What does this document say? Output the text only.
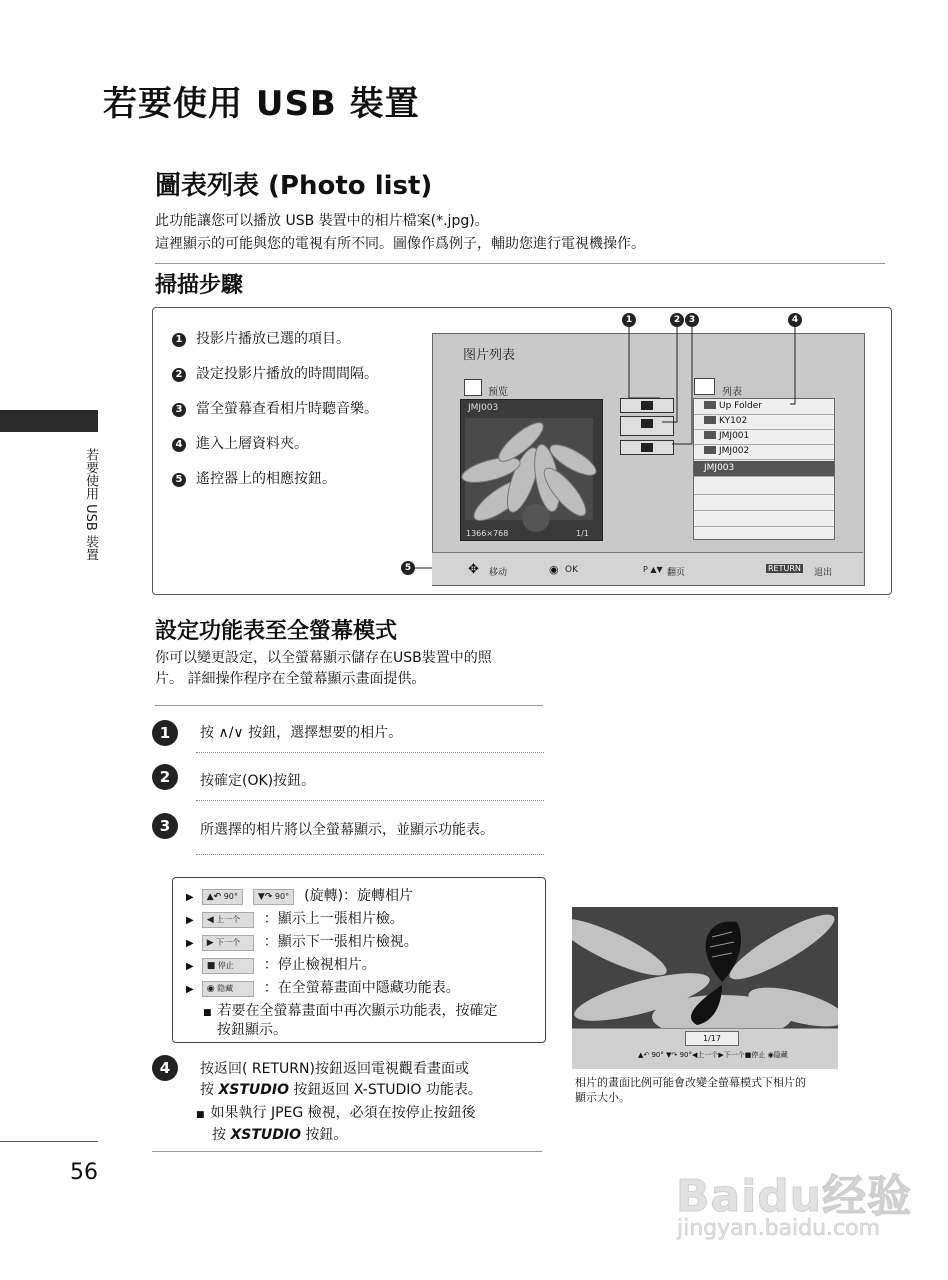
若要使用 USB 裝置
若要使用 USB 裝置
圖表列表 (Photo list)
此功能讓您可以播放 USB 裝置中的相片檔案(*.jpg)。
這裡顯示的可能與您的電視有所不同。圖像作爲例子，輔助您進行電視機操作。
掃描步驟
1 投影片播放已選的項目。
2 設定投影片播放的時間間隔。
3 當全螢幕查看相片時聽音樂。
4 進入上層資料夾。
5 遙控器上的相應按鈕。
图片列表
预览
JMJ003
1366×768	1/1
列表
Up Folder
KY102
JMJ001
JMJ002
JMJ003
✥ 移动	◉ OK	P ▲▼ 翻页	RETURN 退出
1	2 3	4
5
設定功能表至全螢幕模式
你可以變更設定，以全螢幕顯示儲存在USB裝置中的照
片。 詳細操作程序在全螢幕顯示畫面提供。
1	按 ∧/∨ 按鈕，選擇想要的相片。
2	按確定(OK)按鈕。
3	所選擇的相片將以全螢幕顯示，並顯示功能表。
▶ ▲↶ 90° ▼↷ 90° (旋轉)：旋轉相片
▶ ◀ 上一个 ：顯示上一張相片檢。
▶ ▶ 下一个 ：顯示下一張相片檢視。
▶ ■ 停止 ：停止檢視相片。
▶ ◉ 隐藏 ：在全螢幕畫面中隱藏功能表。
■ 若要在全螢幕畫面中再次顯示功能表，按確定
按鈕顯示。
4	按返回( RETURN)按鈕返回電視觀看畫面或
按 XSTUDIO 按鈕返回 X-STUDIO 功能表。
■ 如果執行 JPEG 檢視，必須在按停止按鈕後
按 XSTUDIO 按鈕。
1/17
▲↶ 90° ▼↷ 90°◀上一个▶下一个■停止 ◉隐藏
相片的畫面比例可能會改變全螢幕模式下相片的
顯示大小。
56	Baidu经验
jingyan.baidu.com
